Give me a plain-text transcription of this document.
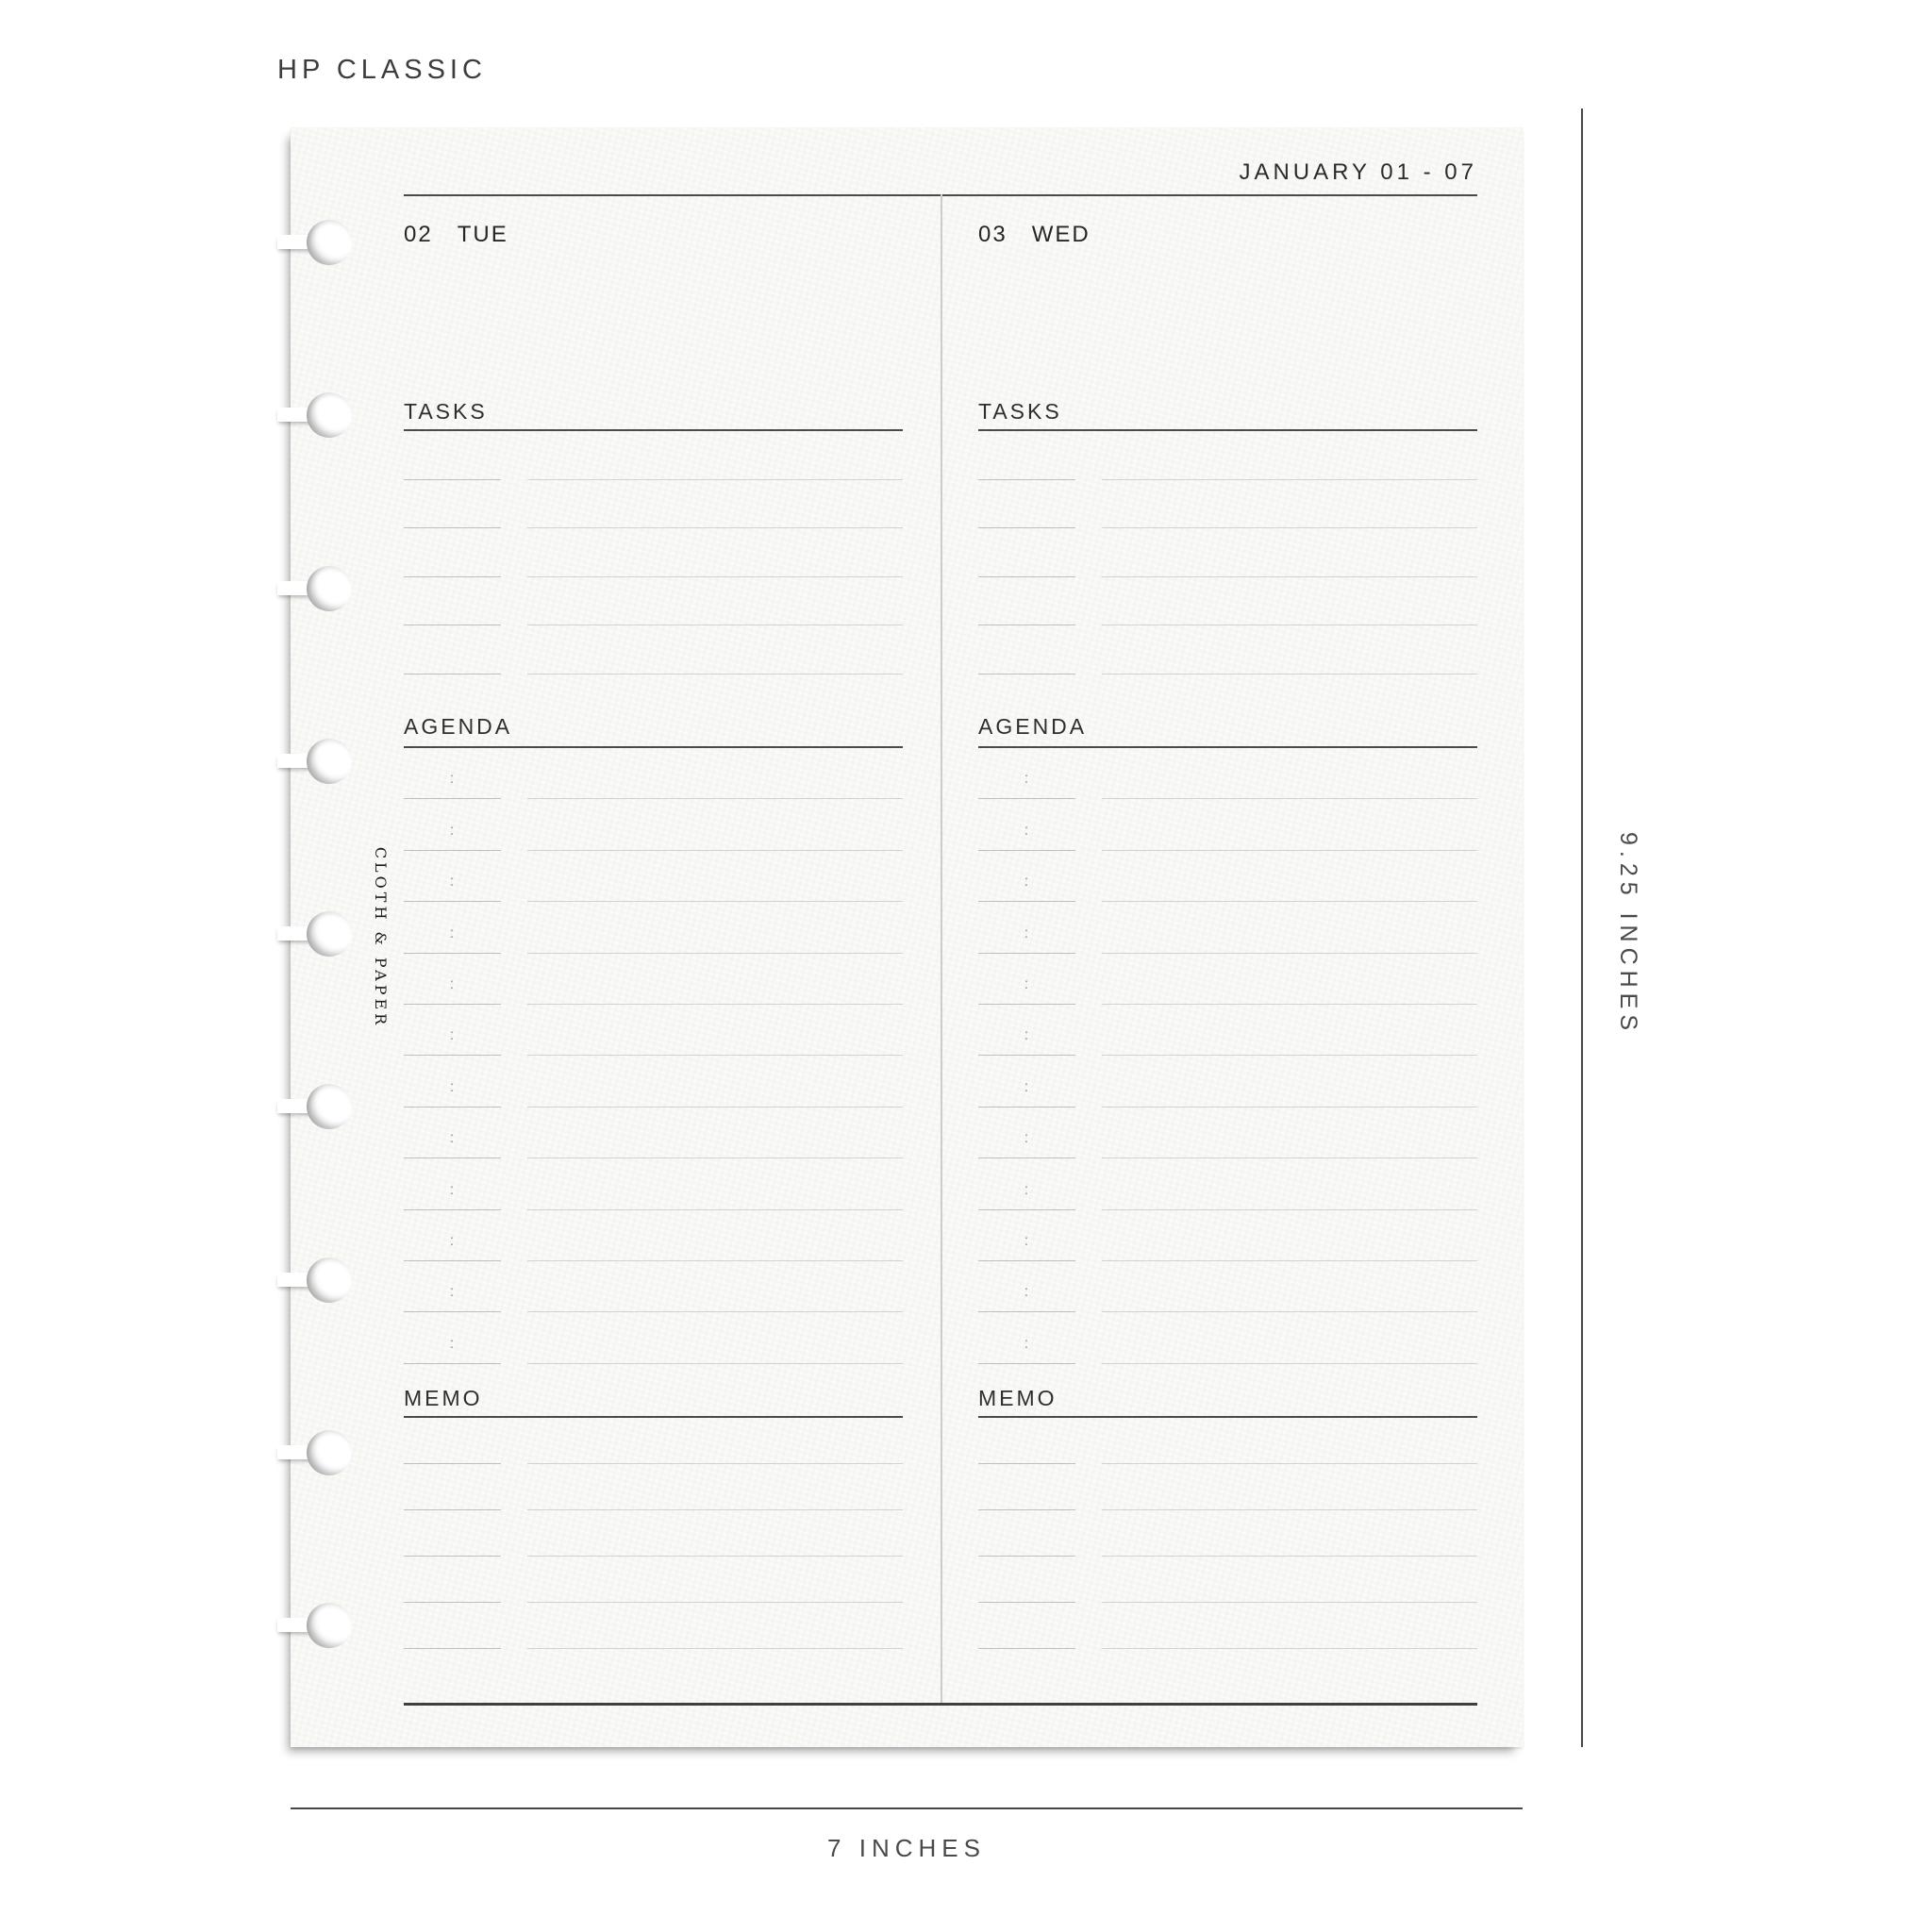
HP CLASSIC
CLOTH & PAPER
JANUARY 01 - 07
02 TUE	03 WED
TASKS
AGENDA
:
:
:
:
:
:
:
:
:
:
:
:
MEMO
TASKS
AGENDA
:
:
:
:
:
:
:
:
:
:
:
:
MEMO
9.25 INCHES
7 INCHES
